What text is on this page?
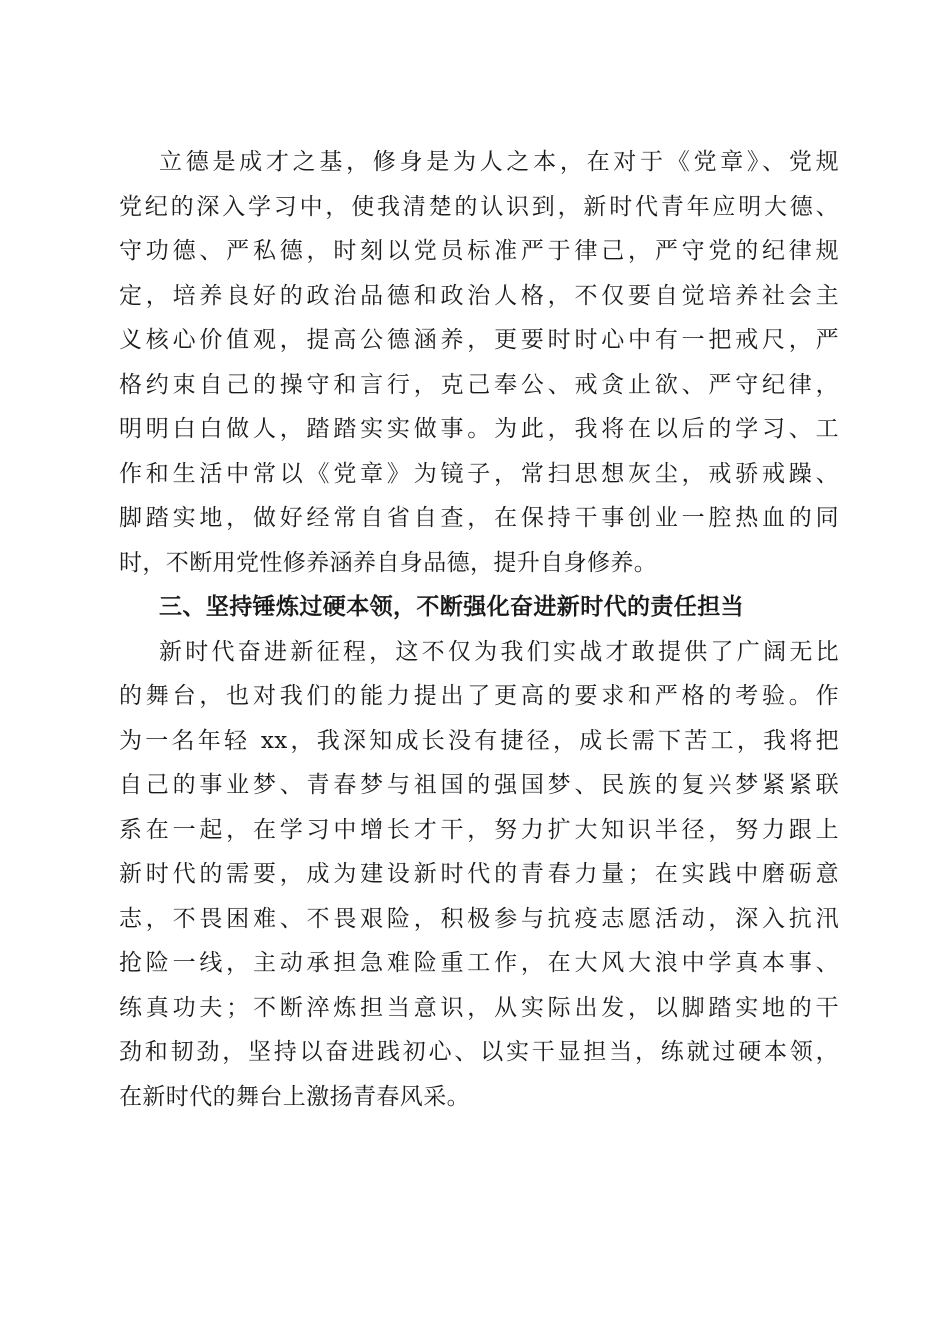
立德是成才之基，修身是为人之本，在对于《党章》、党规
党纪的深入学习中，使我清楚的认识到，新时代青年应明大德、
守功德、严私德，时刻以党员标准严于律己，严守党的纪律规
定，培养良好的政治品德和政治人格，不仅要自觉培养社会主
义核心价值观，提高公德涵养，更要时时心中有一把戒尺，严
格约束自己的操守和言行，克己奉公、戒贪止欲、严守纪律，
明明白白做人，踏踏实实做事。为此，我将在以后的学习、工
作和生活中常以《党章》为镜子，常扫思想灰尘，戒骄戒躁、
脚踏实地，做好经常自省自查，在保持干事创业一腔热血的同
时，不断用党性修养涵养自身品德，提升自身修养。
三、坚持锤炼过硬本领，不断强化奋进新时代的责任担当
新时代奋进新征程，这不仅为我们实战才敢提供了广阔无比
的舞台，也对我们的能力提出了更高的要求和严格的考验。作
为一名年轻 xx，我深知成长没有捷径，成长需下苦工，我将把
自己的事业梦、青春梦与祖国的强国梦、民族的复兴梦紧紧联
系在一起，在学习中增长才干，努力扩大知识半径，努力跟上
新时代的需要，成为建设新时代的青春力量；在实践中磨砺意
志，不畏困难、不畏艰险，积极参与抗疫志愿活动，深入抗汛
抢险一线，主动承担急难险重工作，在大风大浪中学真本事、
练真功夫；不断淬炼担当意识，从实际出发，以脚踏实地的干
劲和韧劲，坚持以奋进践初心、以实干显担当，练就过硬本领，
在新时代的舞台上激扬青春风采。
